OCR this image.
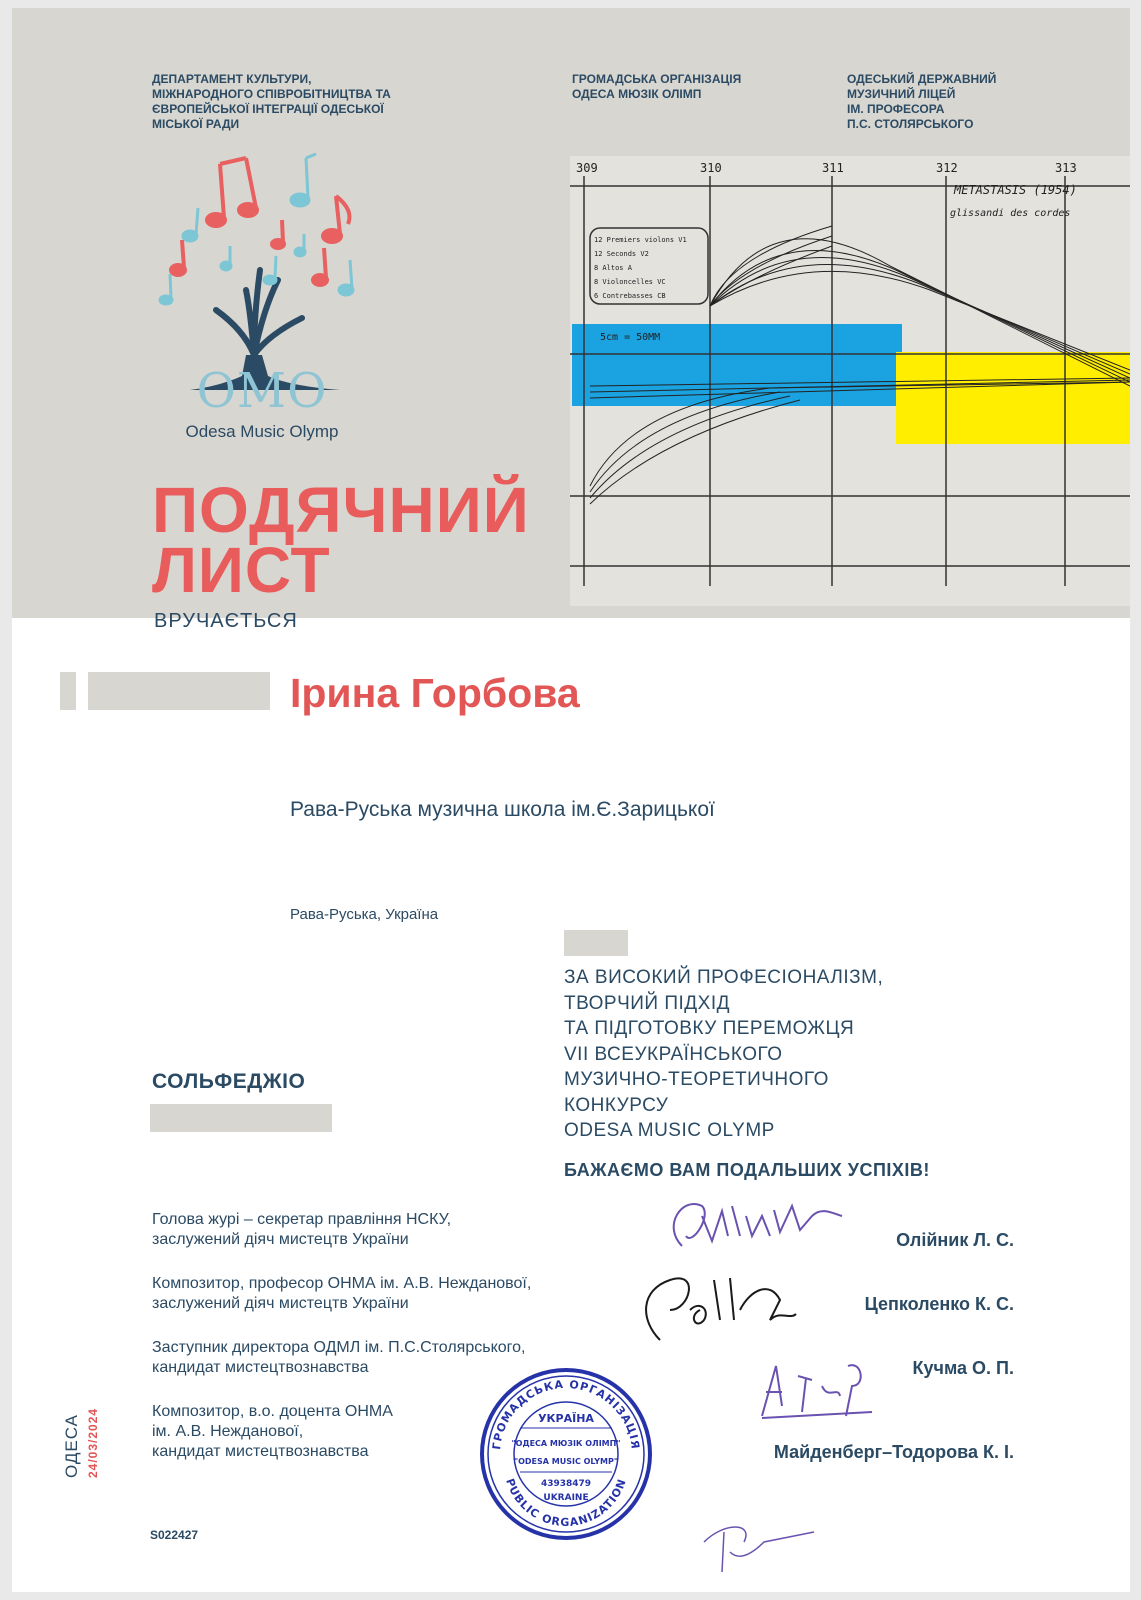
ДЕПАРТАМЕНТ КУЛЬТУРИ,
МІЖНАРОДНОГО СПІВРОБІТНИЦТВА ТА
ЄВРОПЕЙСЬКОЇ ІНТЕГРАЦІЇ ОДЕСЬКОЇ
МІСЬКОЇ РАДИ
ГРОМАДСЬКА ОРГАНІЗАЦІЯ
ОДЕСА МЮЗІК ОЛІМП
ОДЕСЬКИЙ ДЕРЖАВНИЙ
МУЗИЧНИЙ ЛІЦЕЙ
ІМ. ПРОФЕСОРА
П.С. СТОЛЯРСЬКОГО
OMO
Odesa Music Olymp
309	310	311	312	313
METASTASIS (1954)
glissandi des cordes
12 Premiers violons V1
12 Seconds V2
8 Altos A
8 Violoncelles VC
6 Contrebasses CB
5cm = 50MM
ПОДЯЧНИЙ
ЛИСТ
ВРУЧАЄТЬСЯ
Ірина Горбова
Рава-Руська музична школа ім.Є.Зарицької
Рава-Руська, Україна
ЗА ВИСОКИЙ ПРОФЕСІОНАЛІЗМ,
ТВОРЧИЙ ПІДХІД
ТА ПІДГОТОВКУ ПЕРЕМОЖЦЯ
VII ВСЕУКРАЇНСЬКОГО
МУЗИЧНО-ТЕОРЕТИЧНОГО
КОНКУРСУ
ODESA MUSIC OLYMP
БАЖАЄМО ВАМ ПОДАЛЬШИХ УСПІХІВ!
СОЛЬФЕДЖІО
Голова журі – секретар правління НСКУ,
заслужений діяч мистецтв України
Композитор, професор ОНМА ім. А.В. Нежданової,
заслужений діяч мистецтв України
Заступник директора ОДМЛ ім. П.С.Столярського,
кандидат мистецтвознавства
Композитор, в.о. доцента ОНМА
ім. А.В. Нежданової,
кандидат мистецтвознавства
Олійник Л. С.
Цепколенко К. С.
Кучма О. П.
Майденберг–Тодорова К. І.
ГРОМАДСЬКА ОРГАНІЗАЦІЯ
PUBLIC ORGANIZATION
УКРАЇНА
"ОДЕСА МЮЗІК ОЛІМП"
"ODESA MUSIC OLYMP"
43938479
UKRAINE
ОДЕСА 24/03/2024
S022427
